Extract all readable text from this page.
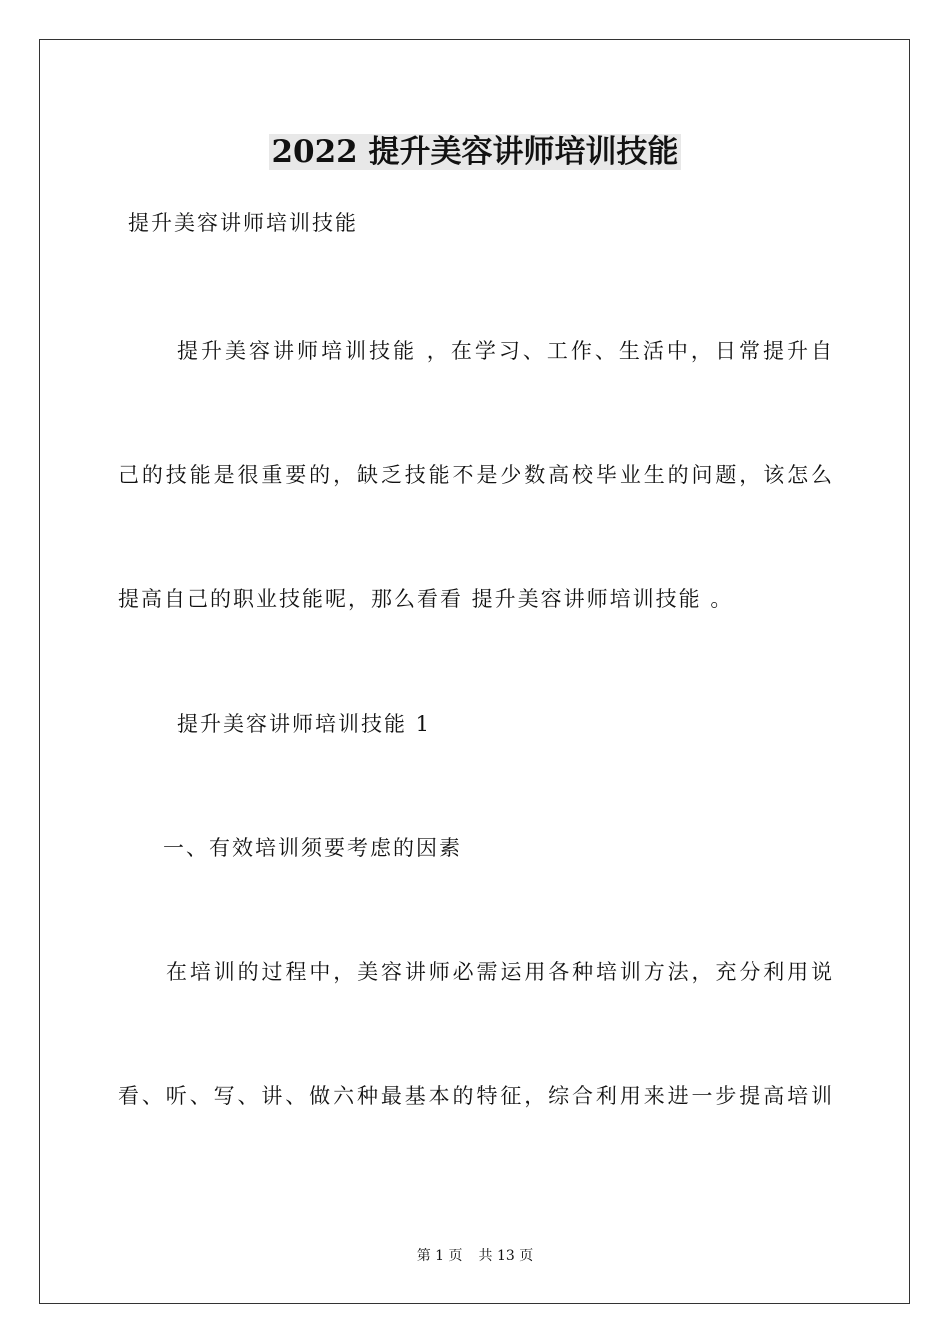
2022 提升美容讲师培训技能
提升美容讲师培训技能
提升美容讲师培训技能 ，在学习、工作、生活中，日常提升自
己的技能是很重要的，缺乏技能不是少数高校毕业生的问题，该怎么
提高自己的职业技能呢，那么看看 提升美容讲师培训技能 。
提升美容讲师培训技能 1
一、有效培训须要考虑的因素
在培训的过程中，美容讲师必需运用各种培训方法，充分利用说
看、听、写、讲、做六种最基本的特征，综合利用来进一步提高培训
第 1 页 共 13 页
